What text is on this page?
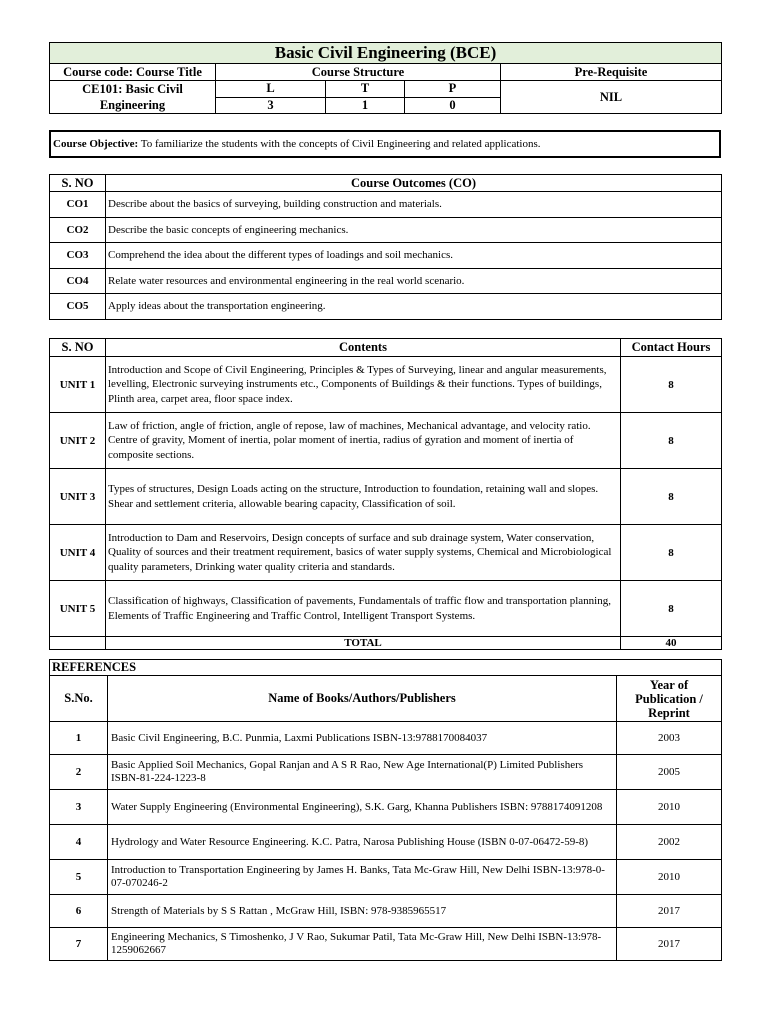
Basic Civil Engineering (BCE)				
Course code: Course Title	Course Structure			Pre-Requisite
CE101: Basic Civil Engineering	L	T	P	NIL
	3	1	0	
Course Objective: To familiarize the students with the concepts of Civil Engineering and related applications.
S. NO	Course Outcomes (CO)
CO1	Describe about the basics of surveying, building construction and materials.
CO2	Describe the basic concepts of engineering mechanics.
CO3	Comprehend the idea about the different types of loadings and soil mechanics.
CO4	Relate water resources and environmental engineering in the real world scenario.
CO5	Apply ideas about the transportation engineering.
S. NO	Contents	Contact Hours
UNIT 1	Introduction and Scope of Civil Engineering, Principles & Types of Surveying, linear and angular measurements, levelling, Electronic surveying instruments etc., Components of Buildings & their functions. Types of buildings, Plinth area, carpet area, floor space index.	8
UNIT 2	Law of friction, angle of friction, angle of repose, law of machines, Mechanical advantage, and velocity ratio. Centre of gravity, Moment of inertia, polar moment of inertia, radius of gyration and moment of inertia of composite sections.	8
UNIT 3	Types of structures, Design Loads acting on the structure, Introduction to foundation, retaining wall and slopes. Shear and settlement criteria, allowable bearing capacity, Classification of soil.	8
UNIT 4	Introduction to Dam and Reservoirs, Design concepts of surface and sub drainage system, Water conservation, Quality of sources and their treatment requirement, basics of water supply systems, Chemical and Microbiological quality parameters, Drinking water quality criteria and standards.	8
UNIT 5	Classification of highways, Classification of pavements, Fundamentals of traffic flow and transportation planning, Elements of Traffic Engineering and Traffic Control, Intelligent Transport Systems.	8
	TOTAL	40
REFERENCES		
S.No.	Name of Books/Authors/Publishers	Year of Publication / Reprint
1	Basic Civil Engineering, B.C. Punmia, Laxmi Publications ISBN-13:9788170084037	2003
2	Basic Applied Soil Mechanics, Gopal Ranjan and A S R Rao, New Age International(P) Limited Publishers ISBN-81-224-1223-8	2005
3	Water Supply Engineering (Environmental Engineering), S.K. Garg, Khanna Publishers ISBN: 9788174091208	2010
4	Hydrology and Water Resource Engineering. K.C. Patra, Narosa Publishing House (ISBN 0-07-06472-59-8)	2002
5	Introduction to Transportation Engineering by James H. Banks, Tata Mc-Graw Hill, New Delhi ISBN-13:978-0-07-070246-2	2010
6	Strength of Materials by S S Rattan , McGraw Hill, ISBN: 978-9385965517	2017
7	Engineering Mechanics, S Timoshenko, J V Rao, Sukumar Patil, Tata Mc-Graw Hill, New Delhi ISBN-13:978-1259062667	2017
